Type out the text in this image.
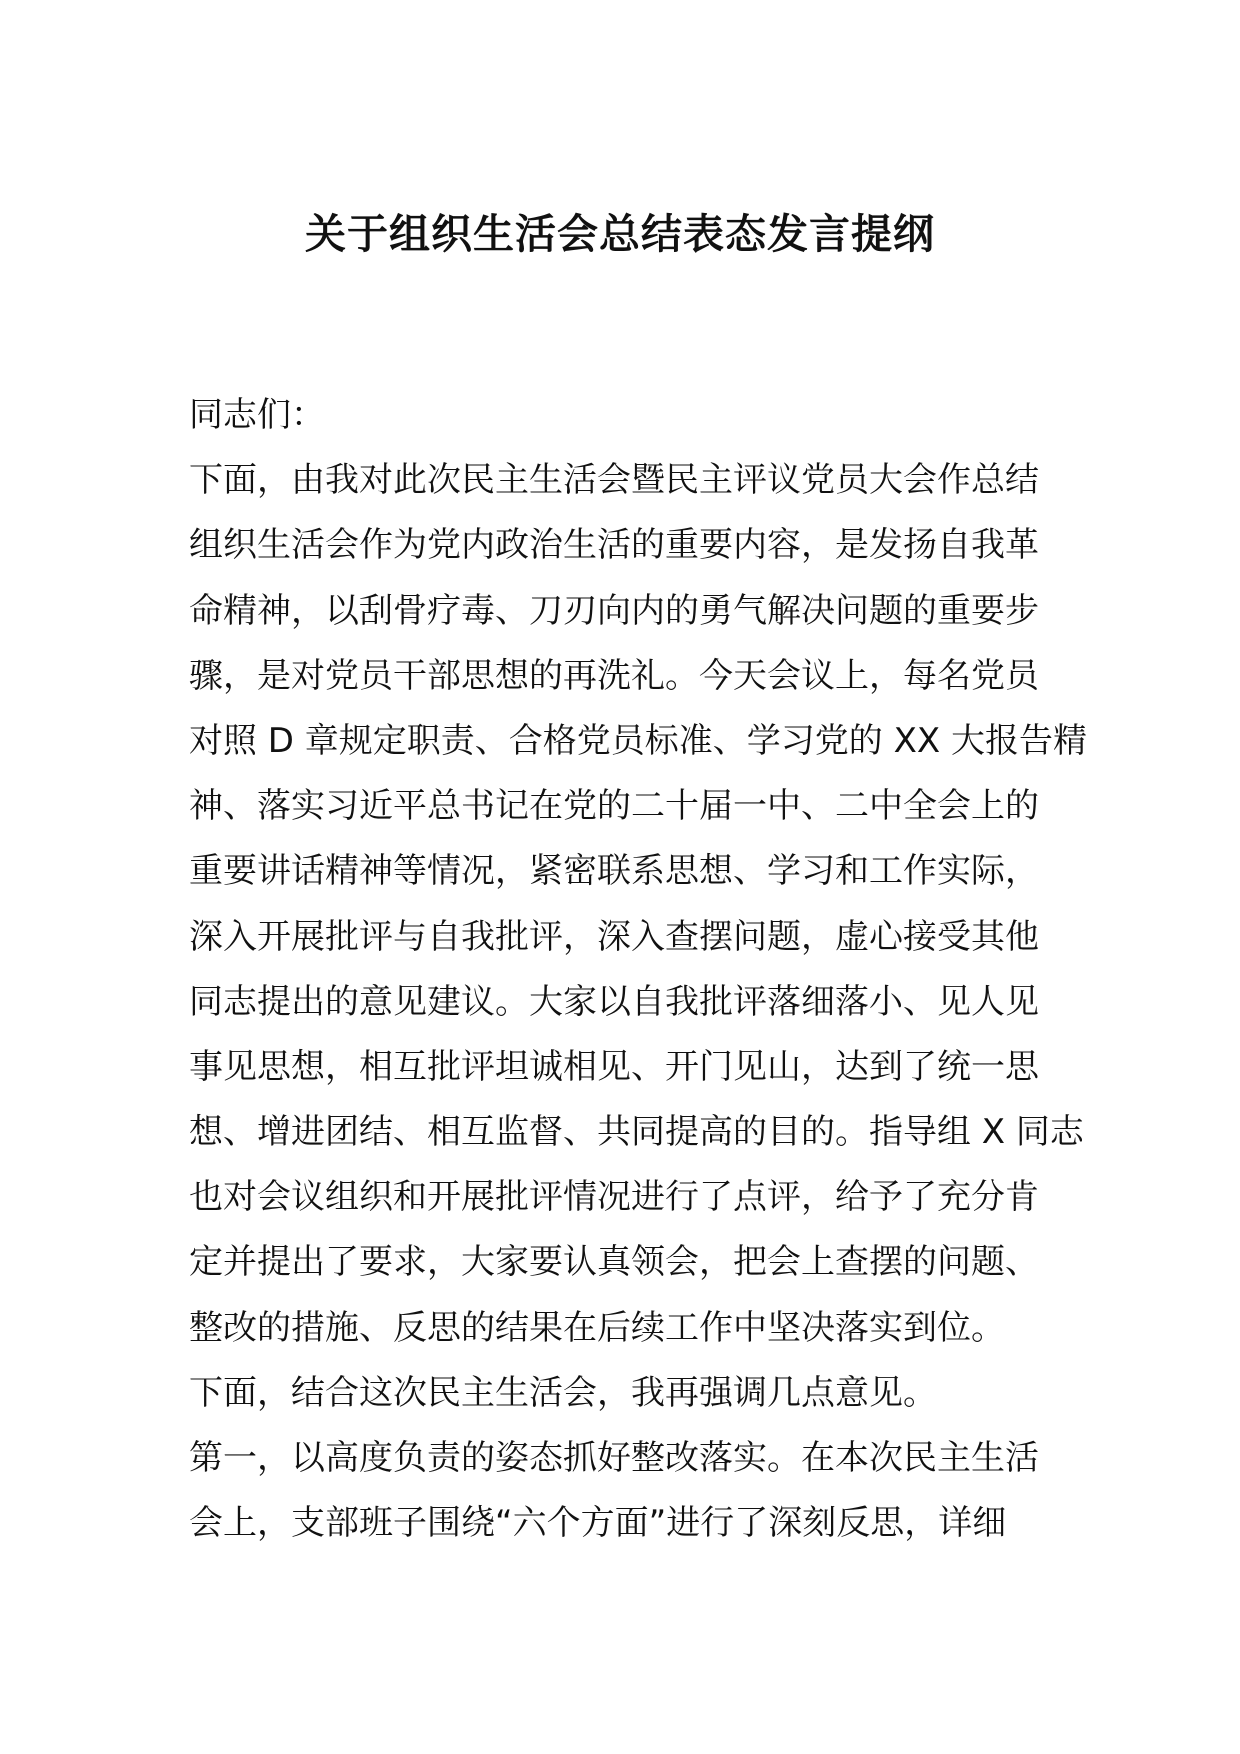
关于组织生活会总结表态发言提纲
同志们：
下面，由我对此次民主生活会暨民主评议党员大会作总结
组织生活会作为党内政治生活的重要内容，是发扬自我革
命精神，以刮骨疗毒、刀刃向内的勇气解决问题的重要步
骤，是对党员干部思想的再洗礼。今天会议上，每名党员
对照 D 章规定职责、合格党员标准、学习党的 XX 大报告精
神、落实习近平总书记在党的二十届一中、二中全会上的
重要讲话精神等情况，紧密联系思想、学习和工作实际，
深入开展批评与自我批评，深入查摆问题，虚心接受其他
同志提出的意见建议。大家以自我批评落细落小、见人见
事见思想，相互批评坦诚相见、开门见山，达到了统一思
想、增进团结、相互监督、共同提高的目的。指导组 X 同志
也对会议组织和开展批评情况进行了点评，给予了充分肯
定并提出了要求，大家要认真领会，把会上查摆的问题、
整改的措施、反思的结果在后续工作中坚决落实到位。
下面，结合这次民主生活会，我再强调几点意见。
第一，以高度负责的姿态抓好整改落实。在本次民主生活
会上，支部班子围绕“六个方面”进行了深刻反思，详细
